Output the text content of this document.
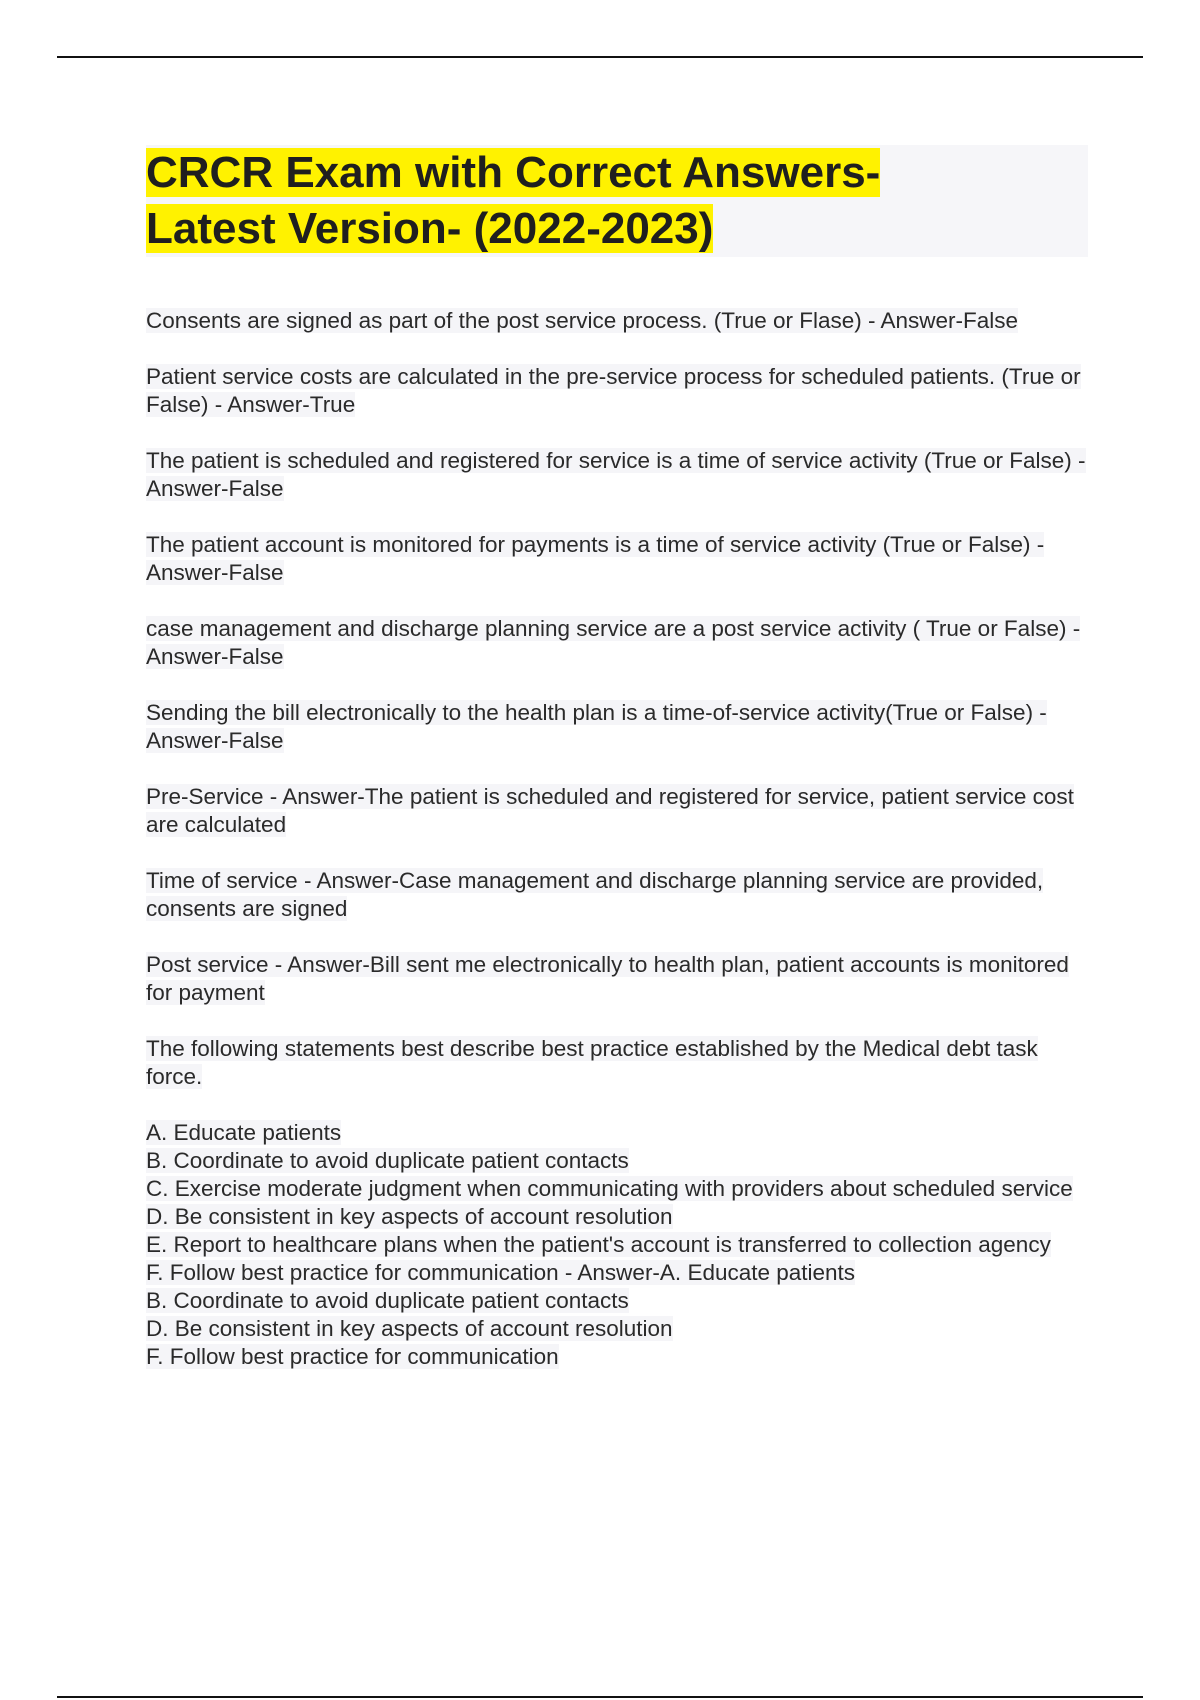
CRCR Exam with Correct Answers-
Latest Version- (2022-2023)

Consents are signed as part of the post service process. (True or Flase) - Answer-False

Patient service costs are calculated in the pre-service process for scheduled patients. (True or False) - Answer-True

The patient is scheduled and registered for service is a time of service activity (True or False) - Answer-False

The patient account is monitored for payments is a time of service activity (True or False) - Answer-False

case management and discharge planning service are a post service activity ( True or False) - Answer-False

Sending the bill electronically to the health plan is a time-of-service activity(True or False) - Answer-False

Pre-Service - Answer-The patient is scheduled and registered for service, patient service cost are calculated

Time of service - Answer-Case management and discharge planning service are provided, consents are signed

Post service - Answer-Bill sent me electronically to health plan, patient accounts is monitored for payment

The following statements best describe best practice established by the Medical debt task force.

A. Educate patients
B. Coordinate to avoid duplicate patient contacts
C. Exercise moderate judgment when communicating with providers about scheduled service
D. Be consistent in key aspects of account resolution
E. Report to healthcare plans when the patient's account is transferred to collection agency
F. Follow best practice for communication - Answer-A. Educate patients
B. Coordinate to avoid duplicate patient contacts
D. Be consistent in key aspects of account resolution
F. Follow best practice for communication
